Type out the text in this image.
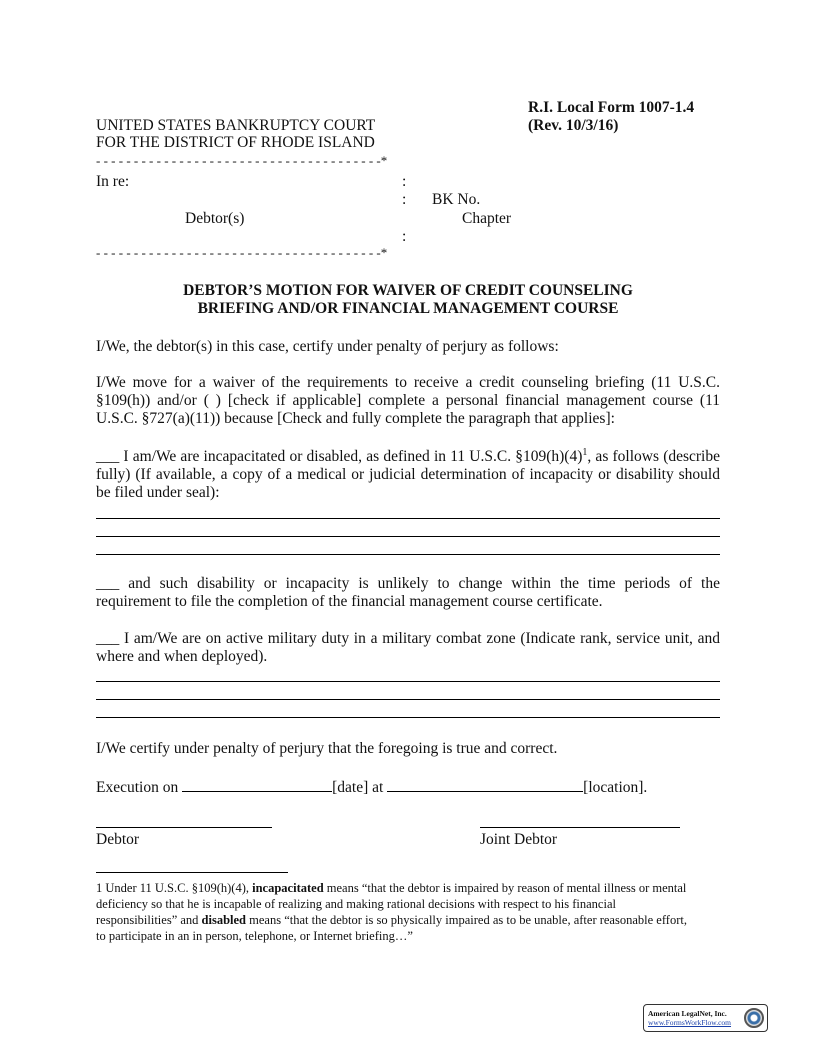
R.I. Local Form 1007-1.4
(Rev. 10/3/16)
UNITED STATES BANKRUPTCY COURT
FOR THE DISTRICT OF RHODE ISLAND
- - - - - - - - - - - - - - - - - - - - - - - - - - - - - - - - - - - - - -*
In re:	:
: BK No.
Debtor(s)	Chapter
:
- - - - - - - - - - - - - - - - - - - - - - - - - - - - - - - - - - - - - -*
DEBTOR’S MOTION FOR WAIVER OF CREDIT COUNSELING
BRIEFING AND/OR FINANCIAL MANAGEMENT COURSE
I/We, the debtor(s) in this case, certify under penalty of perjury as follows:
I/We move for a waiver of the requirements to receive a credit counseling briefing (11 U.S.C. §109(h)) and/or ( ) [check if applicable] complete a personal financial management course (11 U.S.C. §727(a)(11)) because [Check and fully complete the paragraph that applies]:
___ I am/We are incapacitated or disabled, as defined in 11 U.S.C. $\S 109(h)(4)^1$, as follows (describe fully) (If available, a copy of a medical or judicial determination of incapacity or disability should be filed under seal):
___ and such disability or incapacity is unlikely to change within the time periods of the requirement to file the completion of the financial management course certificate.
___ I am/We are on active military duty in a military combat zone (Indicate rank, service unit, and where and when deployed).
I/We certify under penalty of perjury that the foregoing is true and correct.
Execution on	[date] at	[location].
Debtor	Joint Debtor
1 Under 11 U.S.C. §109(h)(4), incapacitated means “that the debtor is impaired by reason of mental illness or mental deficiency so that he is incapable of realizing and making rational decisions with respect to his financial responsibilities” and disabled means “that the debtor is so physically impaired as to be unable, after reasonable effort, to participate in an in person, telephone, or Internet briefing…”
American LegalNet, Inc.
www.FormsWorkFlow.com
